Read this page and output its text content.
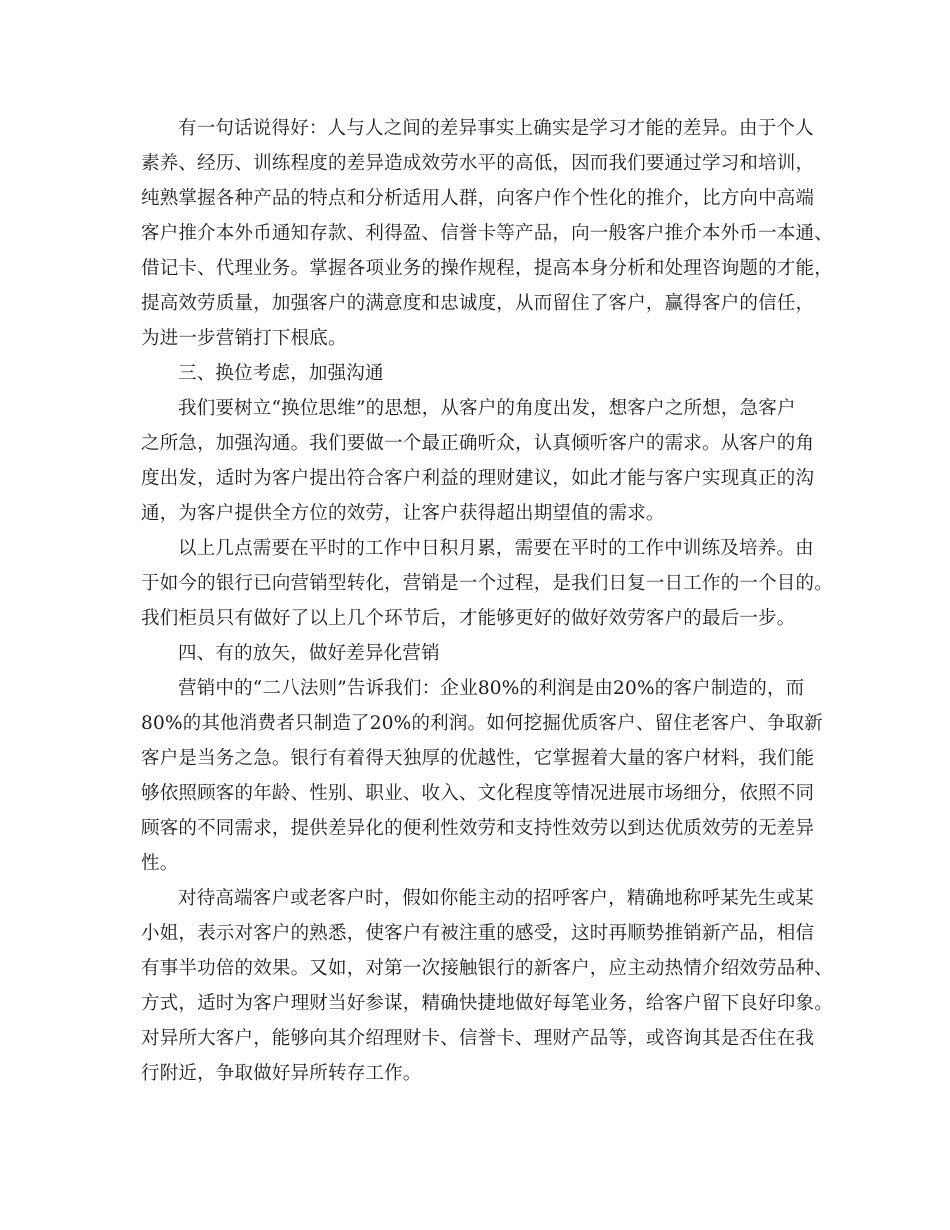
有一句话说得好：人与人之间的差异事实上确实是学习才能的差异。由于个人
素养、经历、训练程度的差异造成效劳水平的高低，因而我们要通过学习和培训，
纯熟掌握各种产品的特点和分析适用人群，向客户作个性化的推介，比方向中高端
客户推介本外币通知存款、利得盈、信誉卡等产品，向一般客户推介本外币一本通、
借记卡、代理业务。掌握各项业务的操作规程，提高本身分析和处理咨询题的才能，
提高效劳质量，加强客户的满意度和忠诚度，从而留住了客户，赢得客户的信任，
为进一步营销打下根底。
三、换位考虑，加强沟通
我们要树立“换位思维”的思想，从客户的角度出发，想客户之所想，急客户
之所急，加强沟通。我们要做一个最正确听众，认真倾听客户的需求。从客户的角
度出发，适时为客户提出符合客户利益的理财建议，如此才能与客户实现真正的沟
通，为客户提供全方位的效劳，让客户获得超出期望值的需求。
以上几点需要在平时的工作中日积月累，需要在平时的工作中训练及培养。由
于如今的银行已向营销型转化，营销是一个过程，是我们日复一日工作的一个目的。
我们柜员只有做好了以上几个环节后，才能够更好的做好效劳客户的最后一步。
四、有的放矢，做好差异化营销
营销中的“二八法则”告诉我们：企业80%的利润是由20%的客户制造的，而
80%的其他消费者只制造了20%的利润。如何挖掘优质客户、留住老客户、争取新
客户是当务之急。银行有着得天独厚的优越性，它掌握着大量的客户材料，我们能
够依照顾客的年龄、性别、职业、收入、文化程度等情况进展市场细分，依照不同
顾客的不同需求，提供差异化的便利性效劳和支持性效劳以到达优质效劳的无差异
性。
对待高端客户或老客户时，假如你能主动的招呼客户，精确地称呼某先生或某
小姐，表示对客户的熟悉，使客户有被注重的感受，这时再顺势推销新产品，相信
有事半功倍的效果。又如，对第一次接触银行的新客户，应主动热情介绍效劳品种、
方式，适时为客户理财当好参谋，精确快捷地做好每笔业务，给客户留下良好印象。
对异所大客户，能够向其介绍理财卡、信誉卡、理财产品等，或咨询其是否住在我
行附近，争取做好异所转存工作。
